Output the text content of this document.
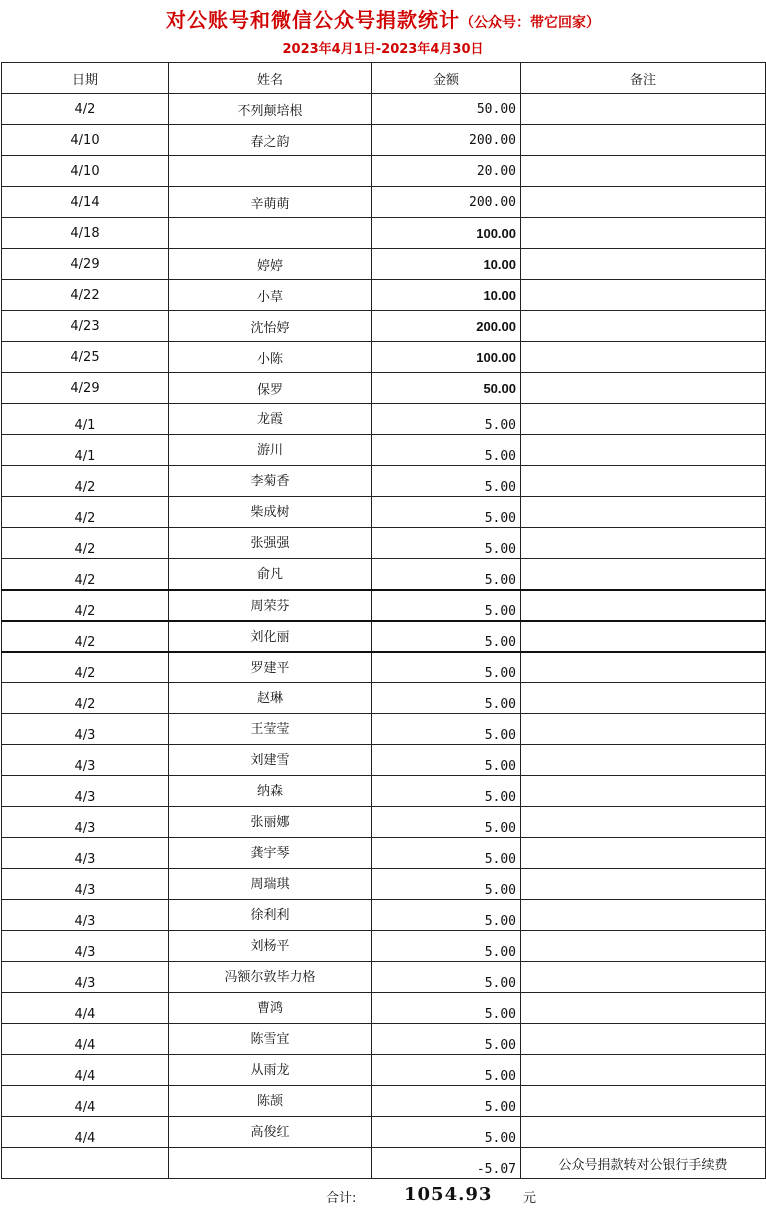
对公账号和微信公众号捐款统计（公众号：带它回家）
2023年4月1日-2023年4月30日
日期	姓名	金额	备注
4/2	不列颠培根	50.00	
4/10	春之韵	200.00	
4/10		20.00	
4/14	辛萌萌	200.00	
4/18		100.00	
4/29	婷婷	10.00	
4/22	小草	10.00	
4/23	沈怡婷	200.00	
4/25	小陈	100.00	
4/29	保罗	50.00	
4/1	龙霞	5.00	
4/1	游川	5.00	
4/2	李菊香	5.00	
4/2	柴成树	5.00	
4/2	张强强	5.00	
4/2	俞凡	5.00	
4/2	周荣芬	5.00	
4/2	刘化丽	5.00	
4/2	罗建平	5.00	
4/2	赵琳	5.00	
4/3	王莹莹	5.00	
4/3	刘建雪	5.00	
4/3	纳森	5.00	
4/3	张丽娜	5.00	
4/3	龚宇琴	5.00	
4/3	周瑞琪	5.00	
4/3	徐利利	5.00	
4/3	刘杨平	5.00	
4/3	冯额尔敦毕力格	5.00	
4/4	曹鸿	5.00	
4/4	陈雪宜	5.00	
4/4	从雨龙	5.00	
4/4	陈颉	5.00	
4/4	高俊红	5.00	
		-5.07	公众号捐款转对公银行手续费
合计:	1054.93 元
